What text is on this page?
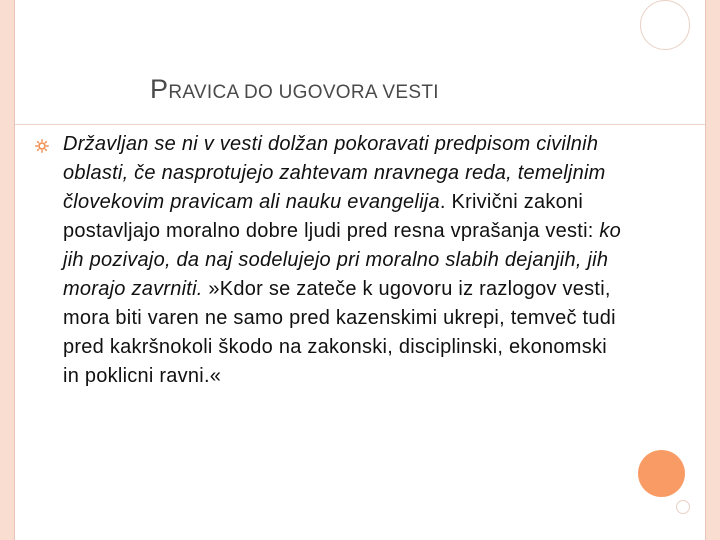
PRAVICA DO UGOVORA VESTI
Državljan se ni v vesti dolžan pokoravati predpisom civilnih oblasti, če nasprotujejo zahtevam nravnega reda, temeljnim človekovim pravicam ali nauku evangelija. Krivični zakoni postavljajo moralno dobre ljudi pred resna vprašanja vesti: ko jih pozivajo, da naj sodelujejo pri moralno slabih dejanjih, jih morajo zavrniti. »Kdor se zateče k ugovoru iz razlogov vesti, mora biti varen ne samo pred kazenskimi ukrepi, temveč tudi pred kakršnokoli škodo na zakonski, disciplinski, ekonomski in poklicni ravni.«
